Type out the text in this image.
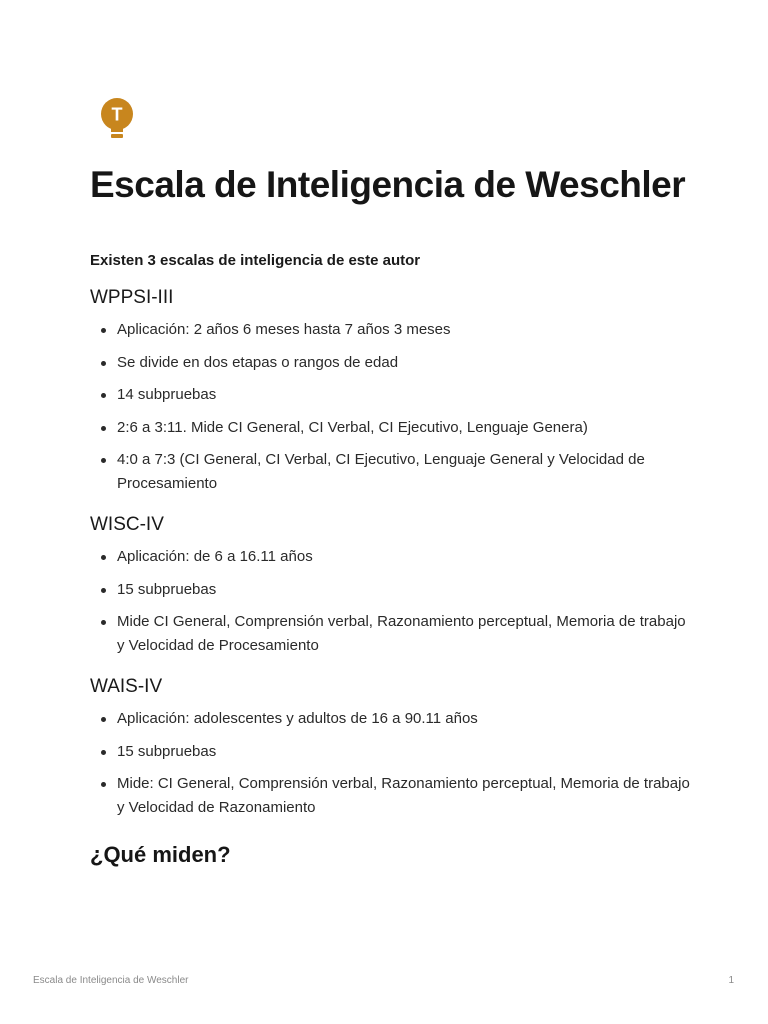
T
Escala de Inteligencia de Weschler

Existen 3 escalas de inteligencia de este autor

WPPSI-III
Aplicación: 2 años 6 meses hasta 7 años 3 meses
Se divide en dos etapas o rangos de edad
14 subpruebas
2:6 a 3:11. Mide CI General, CI Verbal, CI Ejecutivo, Lenguaje Genera)
4:0 a 7:3 (CI General, CI Verbal, CI Ejecutivo, Lenguaje General y Velocidad de Procesamiento
WISC-IV
Aplicación: de 6 a 16.11 años
15 subpruebas
Mide CI General, Comprensión verbal, Razonamiento perceptual, Memoria de trabajo y Velocidad de Procesamiento
WAIS-IV
Aplicación: adolescentes y adultos de 16 a 90.11 años
15 subpruebas
Mide: CI General, Comprensión verbal, Razonamiento perceptual, Memoria de trabajo y Velocidad de Razonamiento
¿Qué miden?
Escala de Inteligencia de Weschler	1
